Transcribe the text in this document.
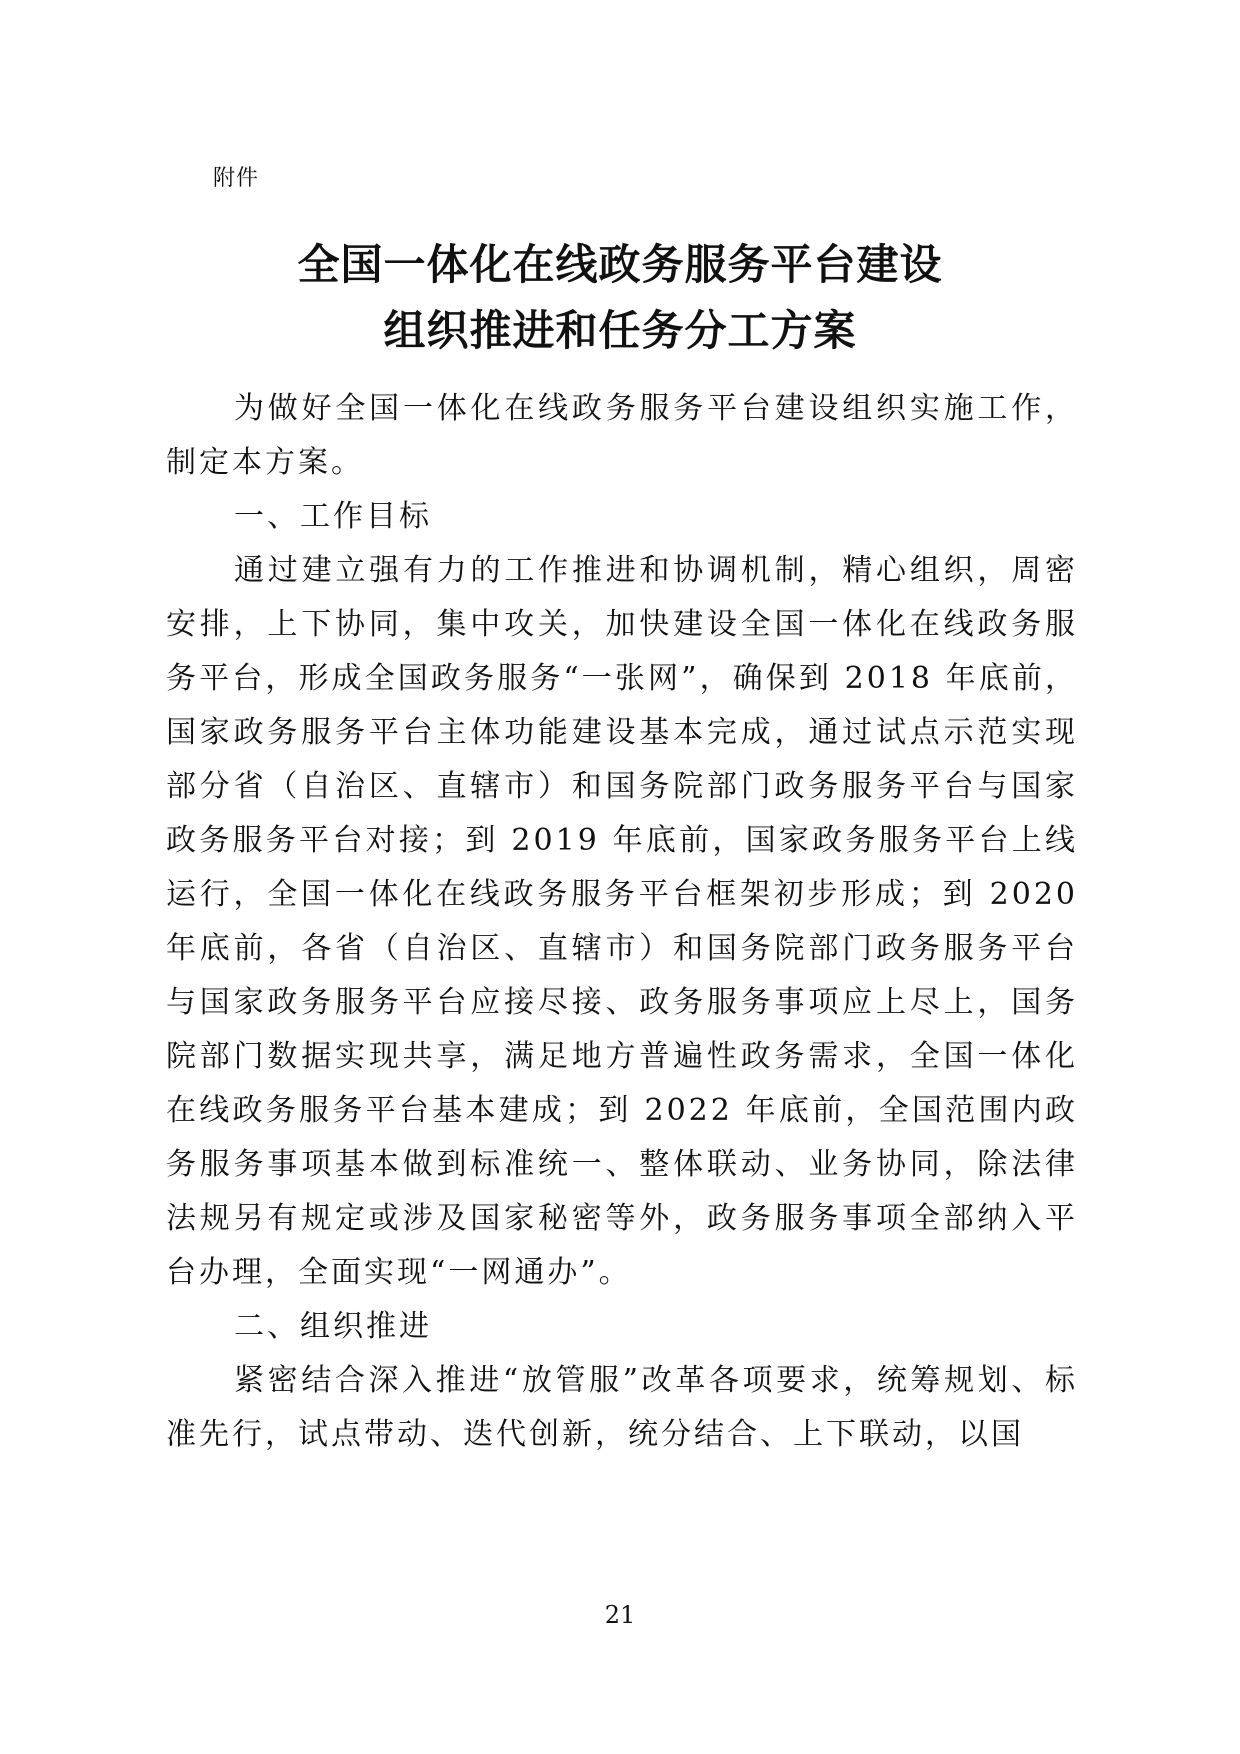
附件
全国一体化在线政务服务平台建设
组织推进和任务分工方案

为做好全国一体化在线政务服务平台建设组织实施工作，制定本方案。

一、工作目标

通过建立强有力的工作推进和协调机制，精心组织，周密安排，上下协同，集中攻关，加快建设全国一体化在线政务服务平台，形成全国政务服务“一张网”，确保到 2018 年底前，国家政务服务平台主体功能建设基本完成，通过试点示范实现部分省（自治区、直辖市）和国务院部门政务服务平台与国家政务服务平台对接；到 2019 年底前，国家政务服务平台上线运行，全国一体化在线政务服务平台框架初步形成；到 2020 年底前，各省（自治区、直辖市）和国务院部门政务服务平台与国家政务服务平台应接尽接、政务服务事项应上尽上，国务院部门数据实现共享，满足地方普遍性政务需求，全国一体化在线政务服务平台基本建成；到 2022 年底前，全国范围内政务服务事项基本做到标准统一、整体联动、业务协同，除法律法规另有规定或涉及国家秘密等外，政务服务事项全部纳入平台办理，全面实现“一网通办”。

二、组织推进

紧密结合深入推进“放管服”改革各项要求，统筹规划、标准先行，试点带动、迭代创新，统分结合、上下联动，以国

21
